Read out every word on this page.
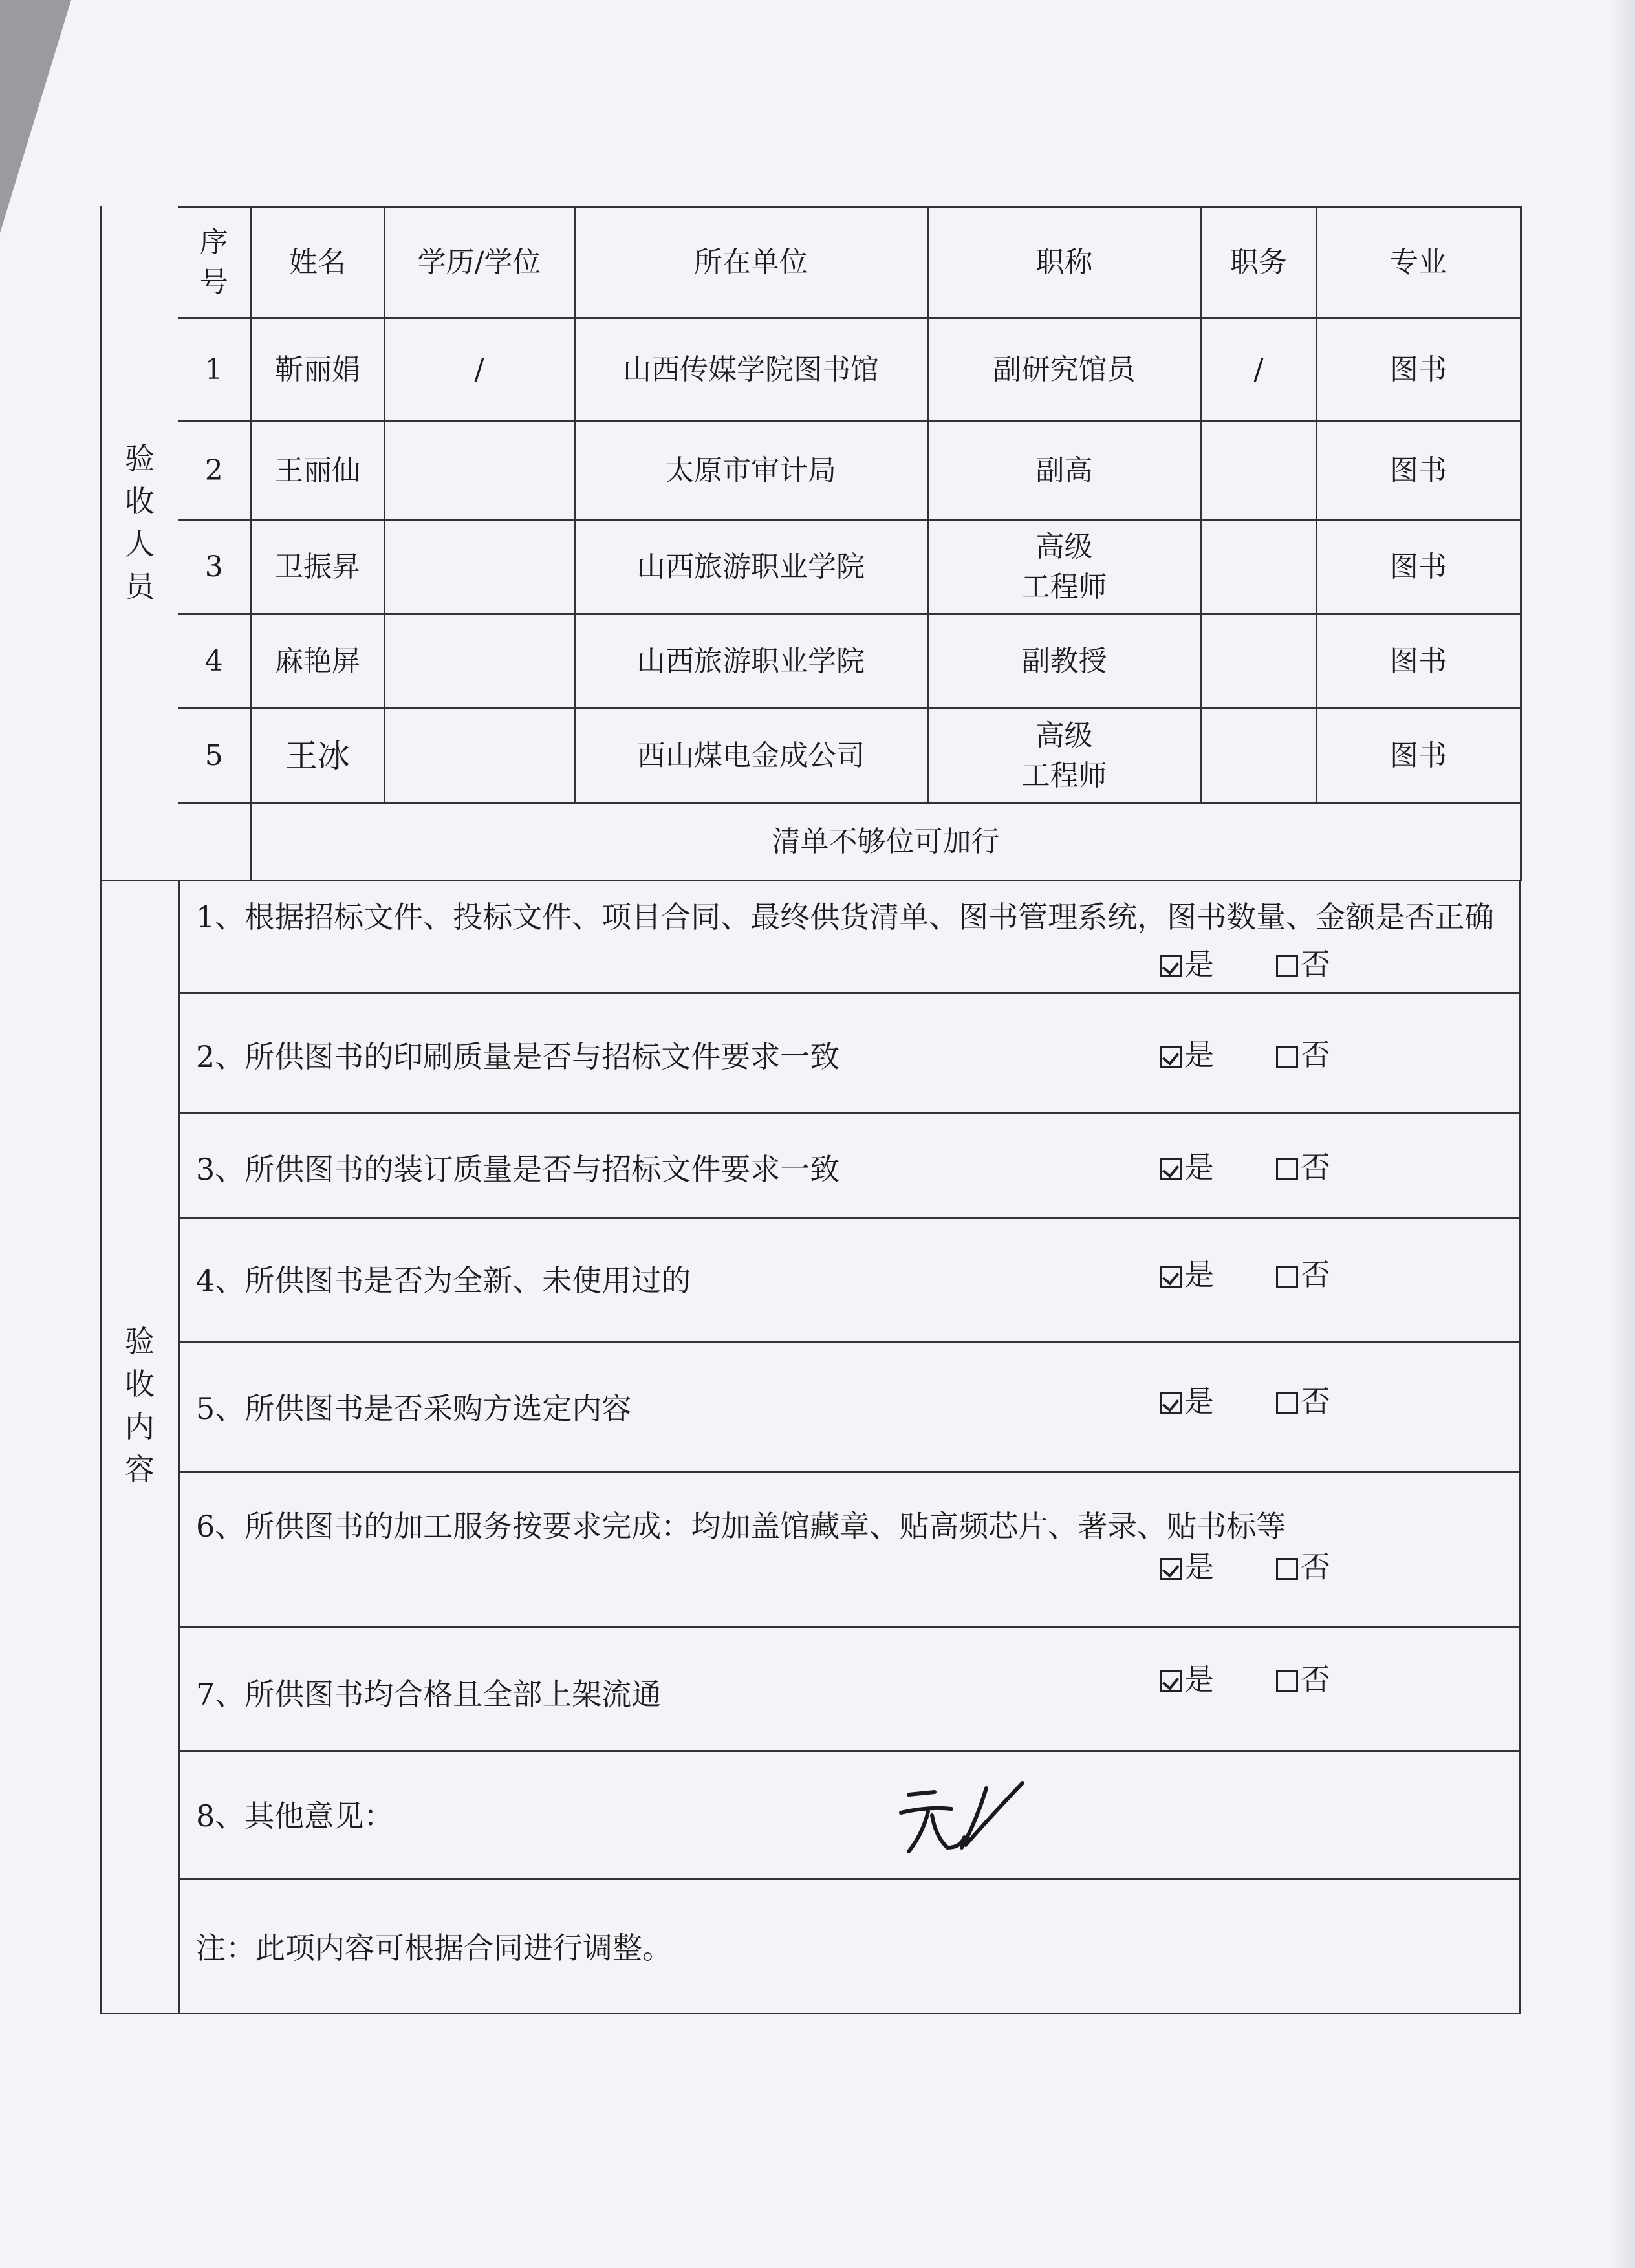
验
收
人
员
序
号	姓名	学历/学位	所在单位	职称	职务	专业
1	靳丽娟	/	山西传媒学院图书馆	副研究馆员	/	图书
2	王丽仙		太原市审计局	副高		图书
3	卫振昇		山西旅游职业学院	高级
工程师		图书
4	麻艳屏		山西旅游职业学院	副教授		图书
5	王冰		西山煤电金成公司	高级
工程师		图书
	清单不够位可加行					
验
收
内
容
1、根据招标文件、投标文件、项目合同、最终供货清单、图书管理系统，图书数量、金额是否正确
是	否
2、所供图书的印刷质量是否与招标文件要求一致	是	否
3、所供图书的装订质量是否与招标文件要求一致	是	否
4、所供图书是否为全新、未使用过的	是	否
5、所供图书是否采购方选定内容	是	否
6、所供图书的加工服务按要求完成：均加盖馆藏章、贴高频芯片、著录、贴书标等
是	否
7、所供图书均合格且全部上架流通	是	否
8、其他意见：
注：此项内容可根据合同进行调整。
